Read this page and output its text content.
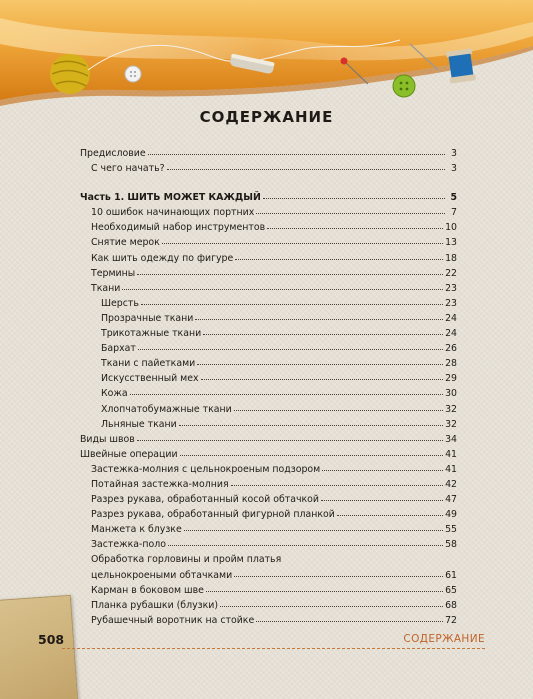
СОДЕРЖАНИЕ
Предисловие	3
С чего начать?	3
Часть 1. ШИТЬ МОЖЕТ КАЖДЫЙ	5
10 ошибок начинающих портних	7
Необходимый набор инструментов	10
Снятие мерок	13
Как шить одежду по фигуре	18
Термины	22
Ткани	23
Шерсть	23
Прозрачные ткани	24
Трикотажные ткани	24
Бархат	26
Ткани с пайетками	28
Искусственный мех	29
Кожа	30
Хлопчатобумажные ткани	32
Льняные ткани	32
Виды швов	34
Швейные операции	41
Застежка-молния с цельнокроеным подзором	41
Потайная застежка-молния	42
Разрез рукава, обработанный косой обтачкой	47
Разрез рукава, обработанный фигурной планкой	49
Манжета к блузке	55
Застежка-поло	58
Обработка горловины и пройм платья
цельнокроеными обтачками	61
Карман в боковом шве	65
Планка рубашки (блузки)	68
Рубашечный воротник на стойке	72
508	СОДЕРЖАНИЕ
